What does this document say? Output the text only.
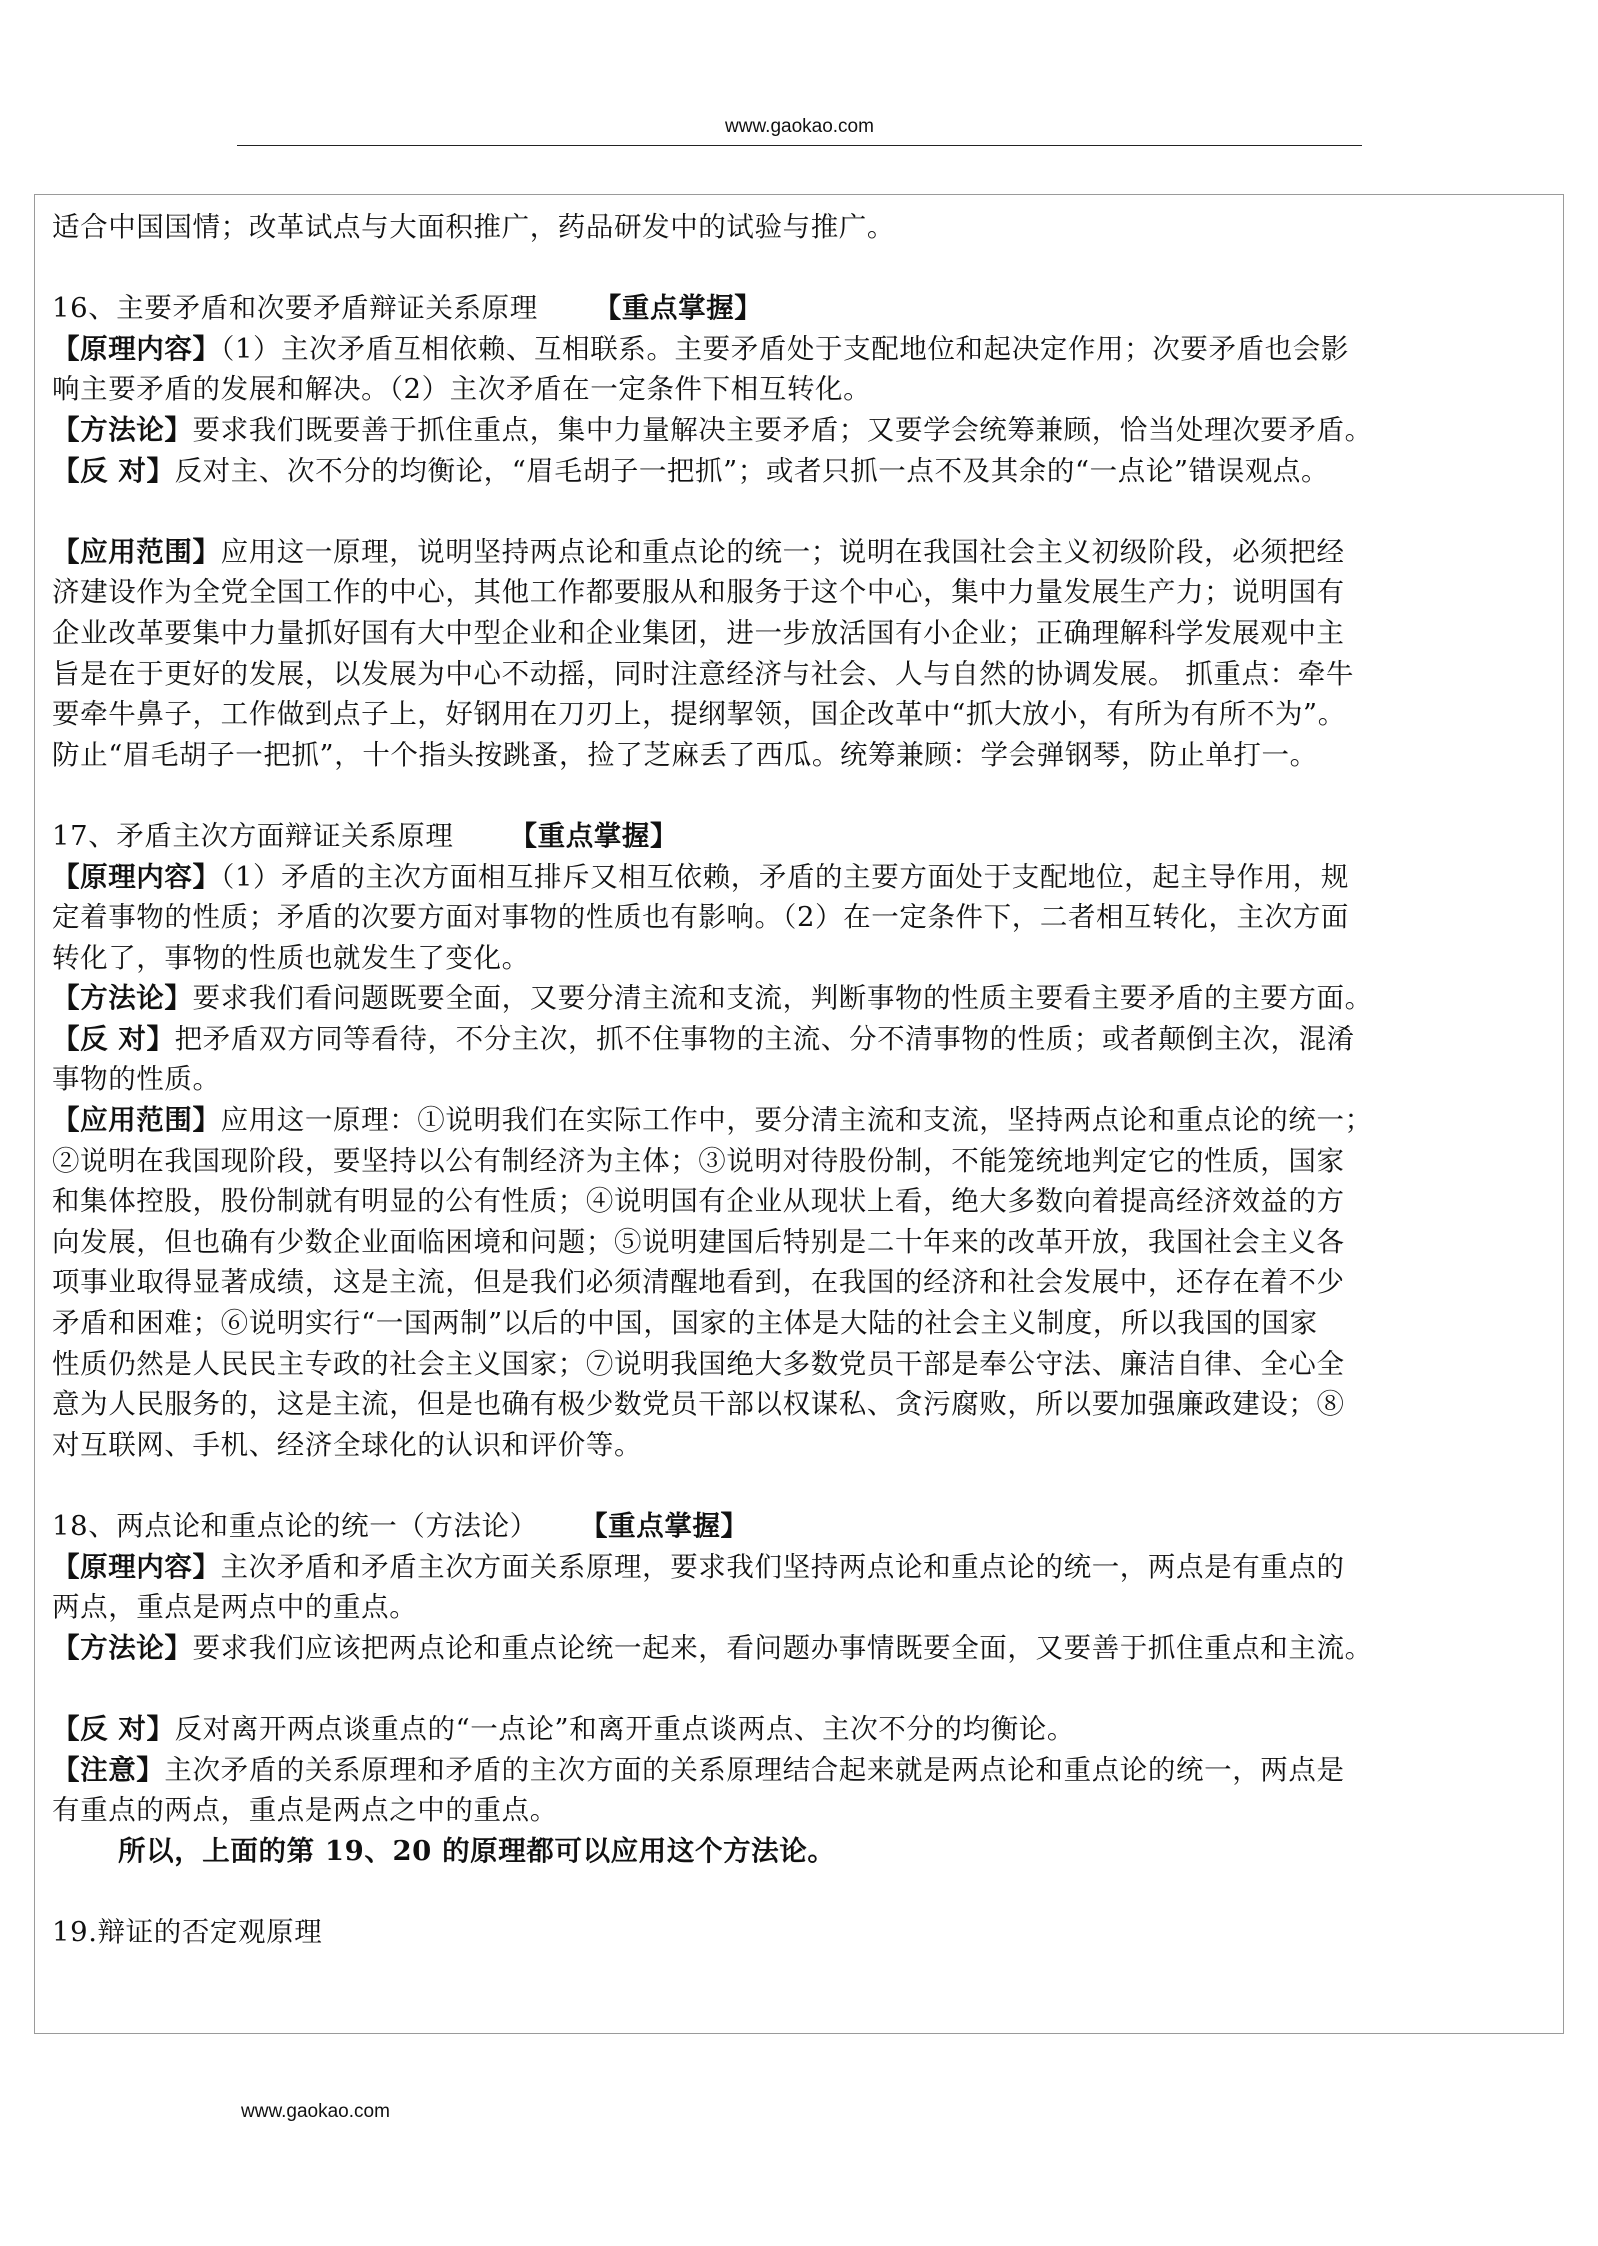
www.gaokao.com

适合中国国情；改革试点与大面积推广，药品研发中的试验与推广。

16、主要矛盾和次要矛盾辩证关系原理 【重点掌握】

【原理内容】（1）主次矛盾互相依赖、互相联系。主要矛盾处于支配地位和起决定作用；次要矛盾也会影

响主要矛盾的发展和解决。（2）主次矛盾在一定条件下相互转化。

【方法论】要求我们既要善于抓住重点，集中力量解决主要矛盾；又要学会统筹兼顾，恰当处理次要矛盾。

【反 对】反对主、次不分的均衡论，“眉毛胡子一把抓”；或者只抓一点不及其余的“一点论”错误观点。

【应用范围】应用这一原理，说明坚持两点论和重点论的统一；说明在我国社会主义初级阶段，必须把经

济建设作为全党全国工作的中心，其他工作都要服从和服务于这个中心，集中力量发展生产力；说明国有

企业改革要集中力量抓好国有大中型企业和企业集团，进一步放活国有小企业；正确理解科学发展观中主

旨是在于更好的发展，以发展为中心不动摇，同时注意经济与社会、人与自然的协调发展。 抓重点：牵牛

要牵牛鼻子，工作做到点子上，好钢用在刀刃上，提纲挈领，国企改革中“抓大放小，有所为有所不为”。

防止“眉毛胡子一把抓”，十个指头按跳蚤，捡了芝麻丢了西瓜。统筹兼顾：学会弹钢琴，防止单打一。

17、矛盾主次方面辩证关系原理 【重点掌握】

【原理内容】（1）矛盾的主次方面相互排斥又相互依赖，矛盾的主要方面处于支配地位，起主导作用，规

定着事物的性质；矛盾的次要方面对事物的性质也有影响。（2）在一定条件下，二者相互转化，主次方面

转化了，事物的性质也就发生了变化。

【方法论】要求我们看问题既要全面，又要分清主流和支流，判断事物的性质主要看主要矛盾的主要方面。

【反 对】把矛盾双方同等看待，不分主次，抓不住事物的主流、分不清事物的性质；或者颠倒主次，混淆

事物的性质。

【应用范围】应用这一原理：①说明我们在实际工作中，要分清主流和支流，坚持两点论和重点论的统一；

②说明在我国现阶段，要坚持以公有制经济为主体；③说明对待股份制，不能笼统地判定它的性质，国家

和集体控股，股份制就有明显的公有性质；④说明国有企业从现状上看，绝大多数向着提高经济效益的方

向发展，但也确有少数企业面临困境和问题；⑤说明建国后特别是二十年来的改革开放，我国社会主义各

项事业取得显著成绩，这是主流，但是我们必须清醒地看到，在我国的经济和社会发展中，还存在着不少

矛盾和困难；⑥说明实行“一国两制”以后的中国，国家的主体是大陆的社会主义制度，所以我国的国家

性质仍然是人民民主专政的社会主义国家；⑦说明我国绝大多数党员干部是奉公守法、廉洁自律、全心全

意为人民服务的，这是主流，但是也确有极少数党员干部以权谋私、贪污腐败，所以要加强廉政建设；⑧

对互联网、手机、经济全球化的认识和评价等。

18、两点论和重点论的统一（方法论） 【重点掌握】

【原理内容】主次矛盾和矛盾主次方面关系原理，要求我们坚持两点论和重点论的统一，两点是有重点的

两点，重点是两点中的重点。

【方法论】要求我们应该把两点论和重点论统一起来，看问题办事情既要全面，又要善于抓住重点和主流。

【反 对】反对离开两点谈重点的“一点论”和离开重点谈两点、主次不分的均衡论。

【注意】主次矛盾的关系原理和矛盾的主次方面的关系原理结合起来就是两点论和重点论的统一，两点是

有重点的两点，重点是两点之中的重点。

所以，上面的第 19、20 的原理都可以应用这个方法论。

19.辩证的否定观原理

www.gaokao.com
